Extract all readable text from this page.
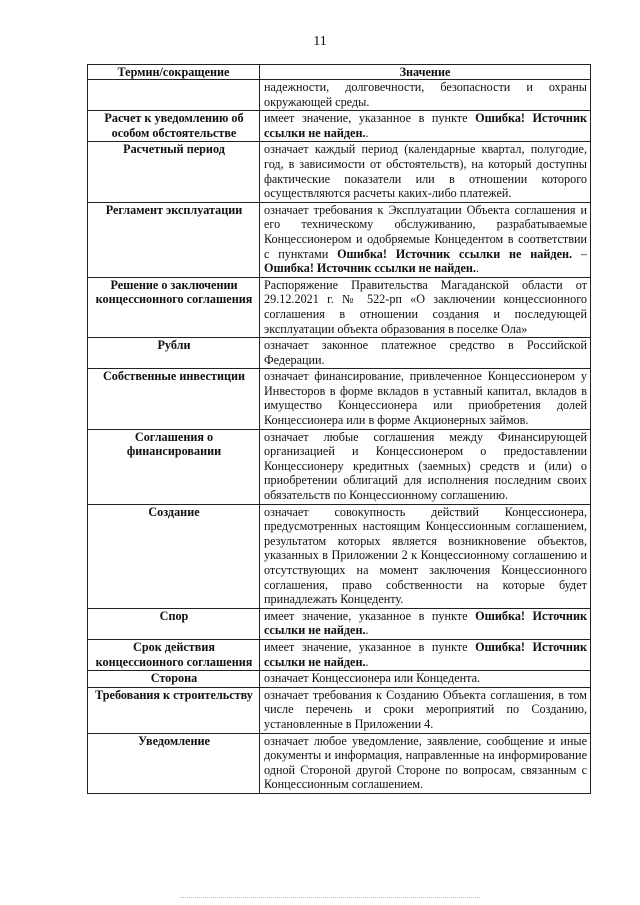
11
Термин/сокращение	Значение
	надежности, долговечности, безопасности и охраны окружающей среды.
Расчет к уведомлению об особом обстоятельстве	имеет значение, указанное в пункте Ошибка! Источник ссылки не найден..
Расчетный период	означает каждый период (календарные квартал, полугодие, год, в зависимости от обстоятельств), на который доступны фактические показатели или в отношении которого осуществляются расчеты каких-либо платежей.
Регламент эксплуатации	означает требования к Эксплуатации Объекта соглашения и его техническому обслуживанию, разрабатываемые Концессионером и одобряемые Концедентом в соответствии с пунктами Ошибка! Источник ссылки не найден. – Ошибка! Источник ссылки не найден..
Решение о заключении концессионного соглашения	Распоряжение Правительства Магаданской области от 29.12.2021 г. № 522-рп «О заключении концессионного соглашения в отношении создания и последующей эксплуатации объекта образования в поселке Ола»
Рубли	означает законное платежное средство в Российской Федерации.
Собственные инвестиции	означает финансирование, привлеченное Концессионером у Инвесторов в форме вкладов в уставный капитал, вкладов в имущество Концессионера или приобретения долей Концессионера или в форме Акционерных займов.
Соглашения о финансировании	означает любые соглашения между Финансирующей организацией и Концессионером о предоставлении Концессионеру кредитных (заемных) средств и (или) о приобретении облигаций для исполнения последним своих обязательств по Концессионному соглашению.
Создание	означает совокупность действий Концессионера, предусмотренных настоящим Концессионным соглашением, результатом которых является возникновение объектов, указанных в Приложении 2 к Концессионному соглашению и отсутствующих на момент заключения Концессионного соглашения, право собственности на которые будет принадлежать Концеденту.
Спор	имеет значение, указанное в пункте Ошибка! Источник ссылки не найден..
Срок действия концессионного соглашения	имеет значение, указанное в пункте Ошибка! Источник ссылки не найден..
Сторона	означает Концессионера или Концедента.
Требования к строительству	означает требования к Созданию Объекта соглашения, в том числе перечень и сроки мероприятий по Созданию, установленные в Приложении 4.
Уведомление	означает любое уведомление, заявление, сообщение и иные документы и информация, направленные на информирование одной Стороной другой Стороне по вопросам, связанным с Концессионным соглашением.
